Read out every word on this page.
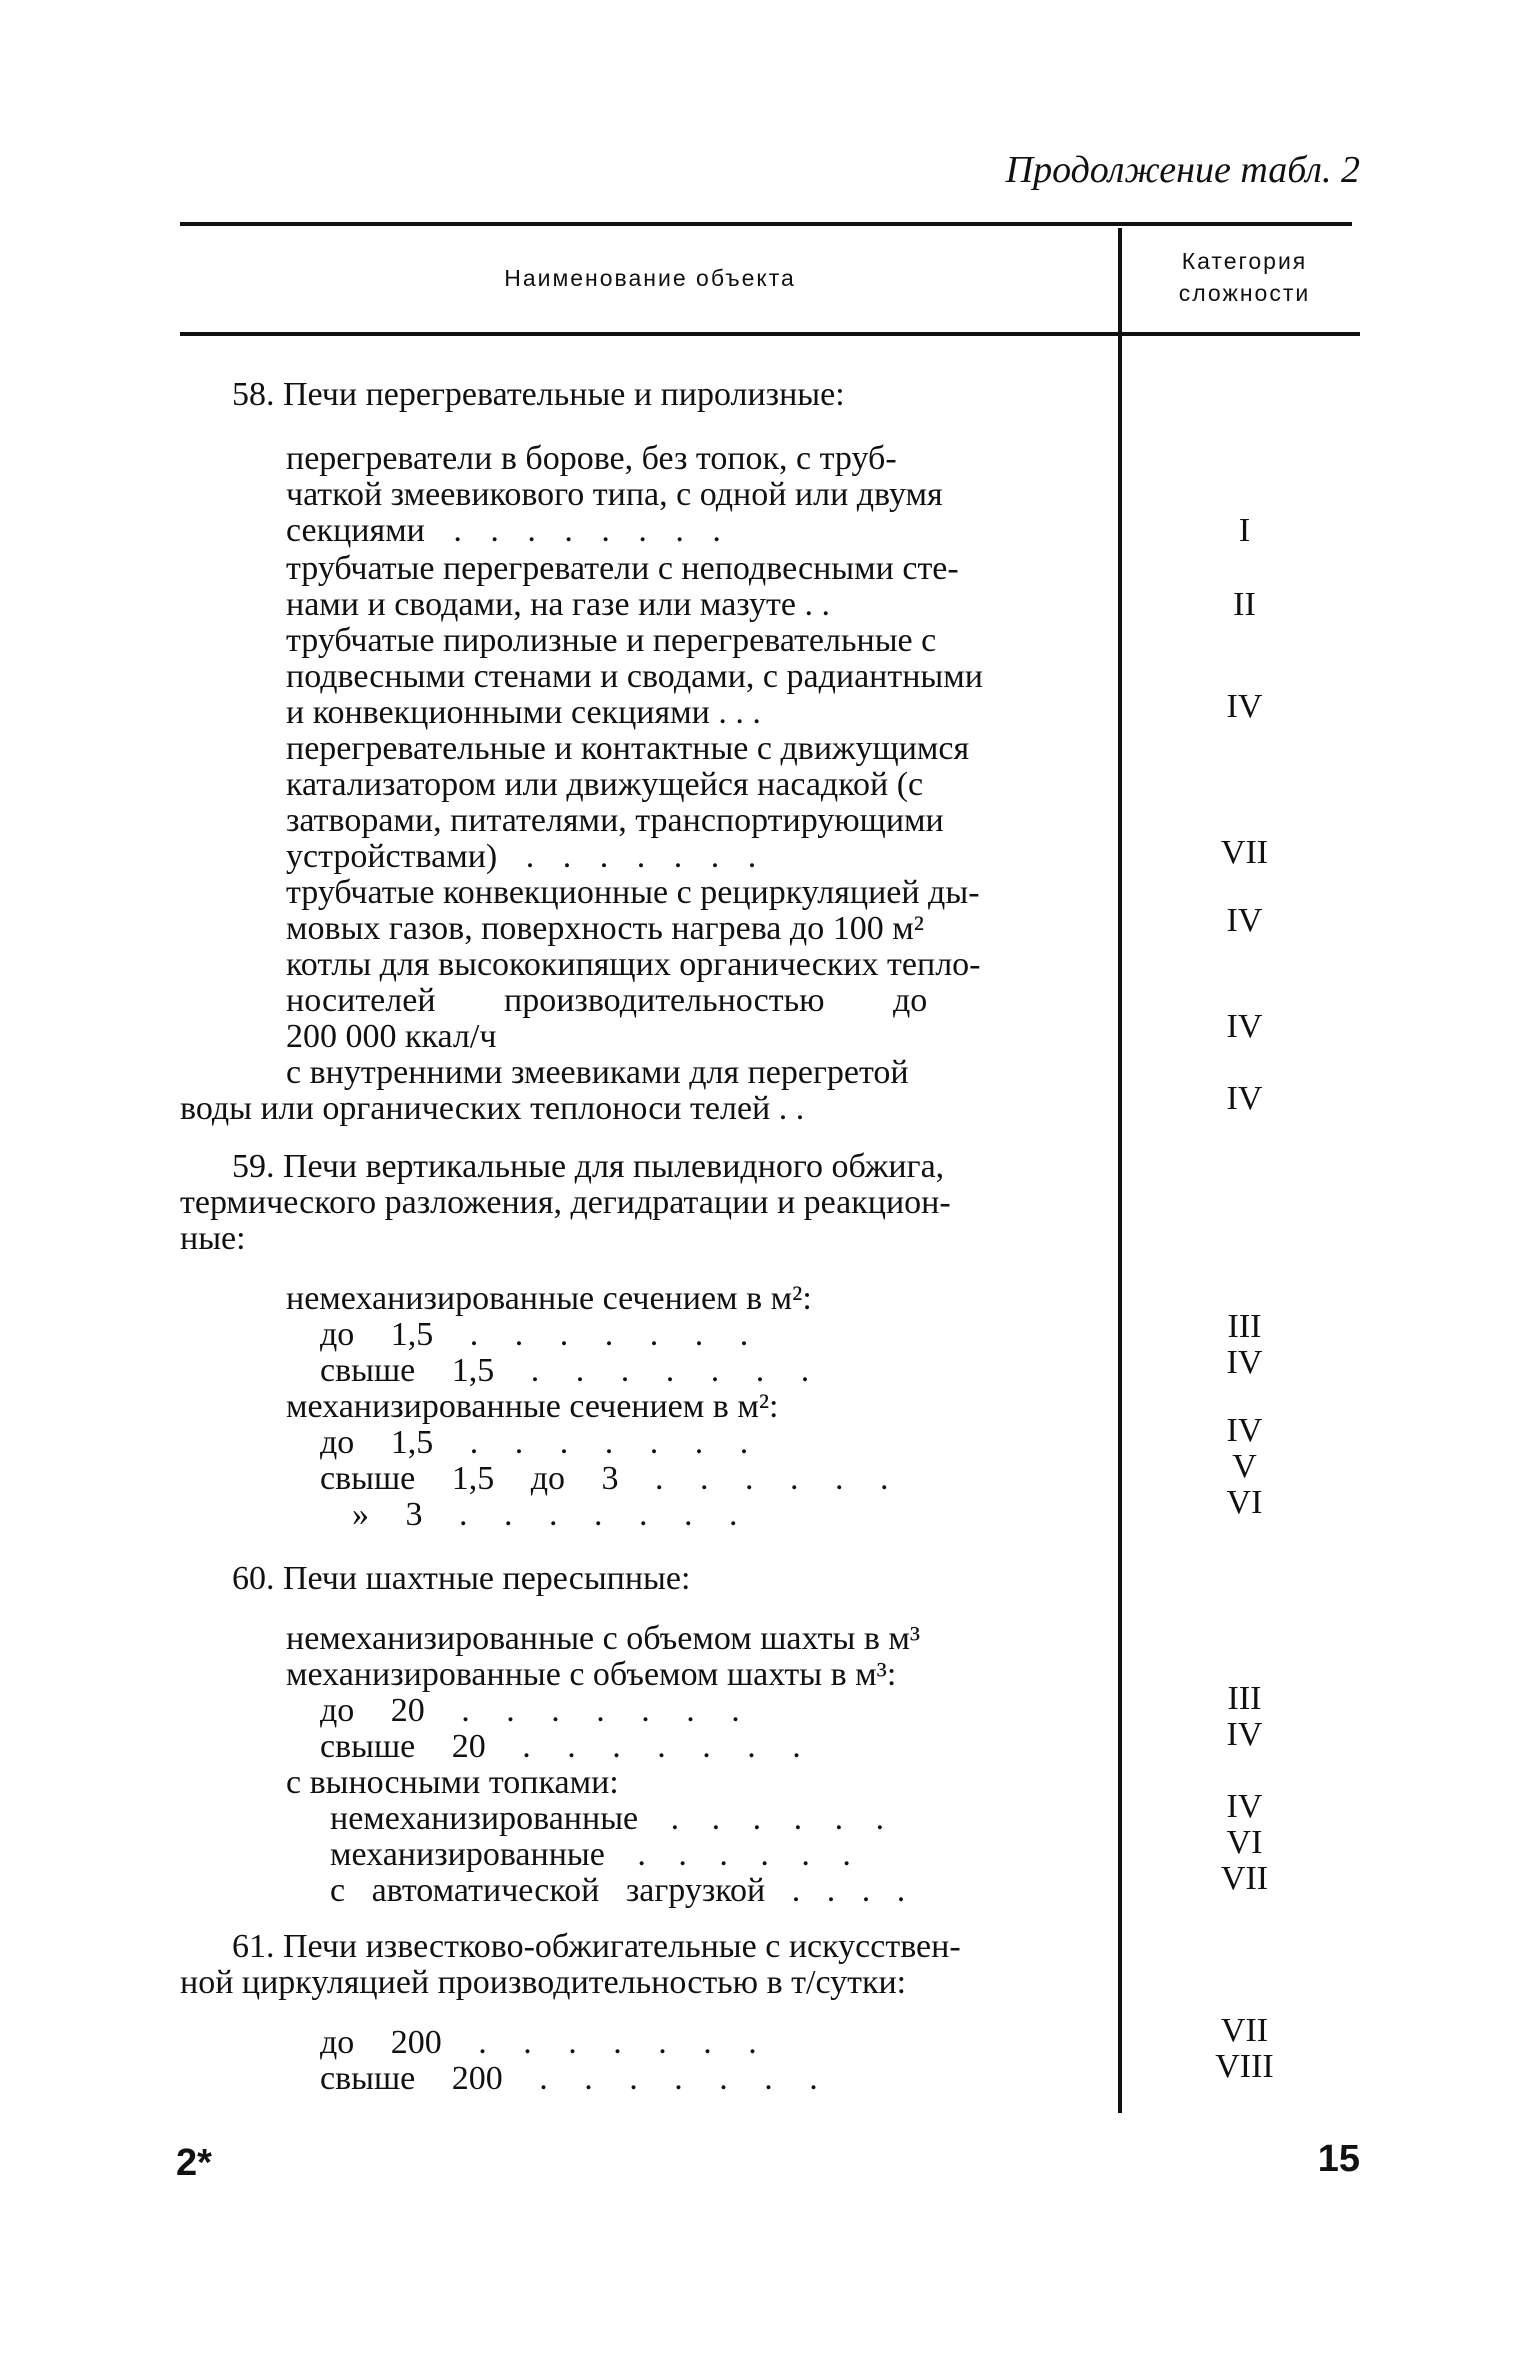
Продолжение табл. 2
Наименование объекта
Категория
сложности
58. Печи перегревательные и пиролизные:
перегреватели в борове, без топок, с труб-
чаткой змеевикового типа, с одной или двумя
секциями . . . . . . . .	I
трубчатые перегреватели с неподвесными сте-
нами и сводами, на газе или мазуте . .	II
трубчатые пиролизные и перегревательные с
подвесными стенами и сводами, с радиантными
и конвекционными секциями . . .	IV
перегревательные и контактные с движущимся
катализатором или движущейся насадкой (с
затворами, питателями, транспортирующими
устройствами) . . . . . . .	VII
трубчатые конвекционные с рециркуляцией ды-
мовых газов, поверхность нагрева до 100 м²	IV
котлы для высококипящих органических тепло-
носителей производительностью до
200 000 ккал/ч	IV
с внутренними змеевиками для перегретой
воды или органических теплоноси телей . .	IV
59. Печи вертикальные для пылевидного обжига,
термического разложения, дегидратации и реакцион-
ные:
немеханизированные сечением в м²:
до 1,5 . . . . . . .	III
свыше 1,5 . . . . . . .	IV
механизированные сечением в м²:
до 1,5 . . . . . . .	IV
свыше 1,5 до 3 . . . . . .	V
» 3 . . . . . . .	VI
60. Печи шахтные пересыпные:
немеханизированные с объемом шахты в м³
механизированные с объемом шахты в м³:
до 20 . . . . . . .	III
свыше 20 . . . . . . .	IV
с выносными топками:
немеханизированные . . . . . .	IV
механизированные . . . . . .	VI
с автоматической загрузкой . . . .	VII
61. Печи известково-обжигательные с искусствен-
ной циркуляцией производительностью в т/сутки:
до 200 . . . . . . .	VII
свыше 200 . . . . . . .	VIII
2*	15
